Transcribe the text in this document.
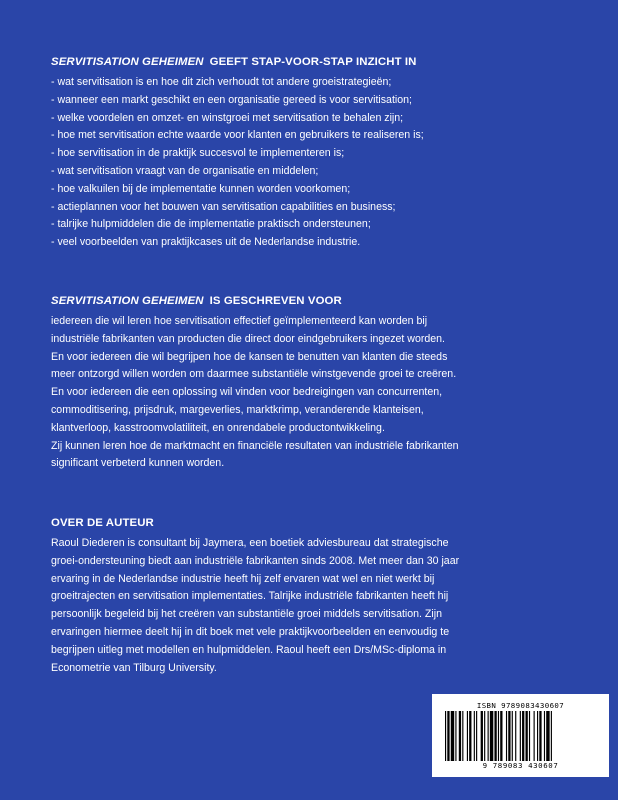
SERVITISATION GEHEIMEN GEEFT STAP-VOOR-STAP INZICHT IN
- wat servitisation is en hoe dit zich verhoudt tot andere groeistrategieën;
- wanneer een markt geschikt en een organisatie gereed is voor servitisation;
- welke voordelen en omzet- en winstgroei met servitisation te behalen zijn;
- hoe met servitisation echte waarde voor klanten en gebruikers te realiseren is;
- hoe servitisation in de praktijk succesvol te implementeren is;
- wat servitisation vraagt van de organisatie en middelen;
- hoe valkuilen bij de implementatie kunnen worden voorkomen;
- actieplannen voor het bouwen van servitisation capabilities en business;
- talrijke hulpmiddelen die de implementatie praktisch ondersteunen;
- veel voorbeelden van praktijkcases uit de Nederlandse industrie.
SERVITISATION GEHEIMEN IS GESCHREVEN VOOR

iedereen die wil leren hoe servitisation effectief geïmplementeerd kan worden bij

industriële fabrikanten van producten die direct door eindgebruikers ingezet worden.

En voor iedereen die wil begrijpen hoe de kansen te benutten van klanten die steeds

meer ontzorgd willen worden om daarmee substantiële winstgevende groei te creëren.

En voor iedereen die een oplossing wil vinden voor bedreigingen van concurrenten,

commoditisering, prijsdruk, margeverlies, marktkrimp, veranderende klanteisen,

klantverloop, kasstroomvolatiliteit, en onrendabele productontwikkeling.

Zij kunnen leren hoe de marktmacht en financiële resultaten van industriële fabrikanten

significant verbeterd kunnen worden.

OVER DE AUTEUR

Raoul Diederen is consultant bij Jaymera, een boetiek adviesbureau dat strategische

groei-ondersteuning biedt aan industriële fabrikanten sinds 2008. Met meer dan 30 jaar

ervaring in de Nederlandse industrie heeft hij zelf ervaren wat wel en niet werkt bij

groeitrajecten en servitisation implementaties. Talrijke industriële fabrikanten heeft hij

persoonlijk begeleid bij het creëren van substantiële groei middels servitisation. Zijn

ervaringen hiermee deelt hij in dit boek met vele praktijkvoorbeelden en eenvoudig te

begrijpen uitleg met modellen en hulpmiddelen. Raoul heeft een Drs/MSc-diploma in

Econometrie van Tilburg University.

ISBN 9789083430607
9 789083 430607
